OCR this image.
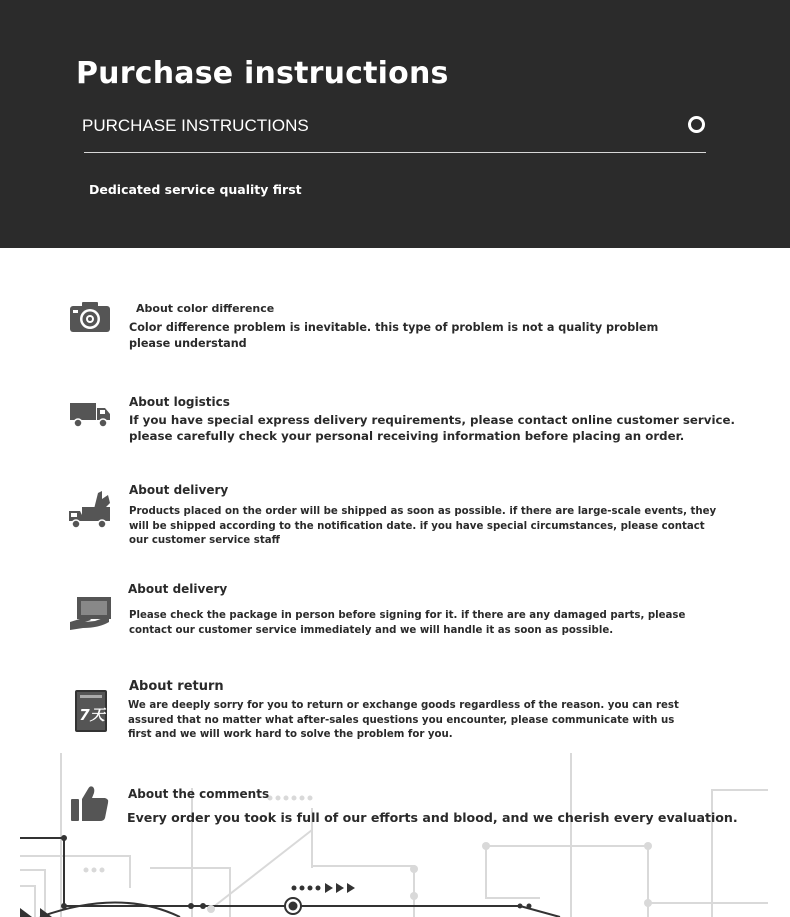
Purchase instructions
PURCHASE INSTRUCTIONS
Dedicated service quality first
About color difference
Color difference problem is inevitable. this type of problem is not a quality problem
please understand
About logistics
If you have special express delivery requirements, please contact online customer service.
please carefully check your personal receiving information before placing an order.
About delivery
Products placed on the order will be shipped as soon as possible. if there are large-scale events, they
will be shipped according to the notification date. if you have special circumstances, please contact
our customer service staff
About delivery
Please check the package in person before signing for it. if there are any damaged parts, please
contact our customer service immediately and we will handle it as soon as possible.
7天
About return
We are deeply sorry for you to return or exchange goods regardless of the reason. you can rest
assured that no matter what after-sales questions you encounter, please communicate with us
first and we will work hard to solve the problem for you.
About the comments
Every order you took is full of our efforts and blood, and we cherish every evaluation.
